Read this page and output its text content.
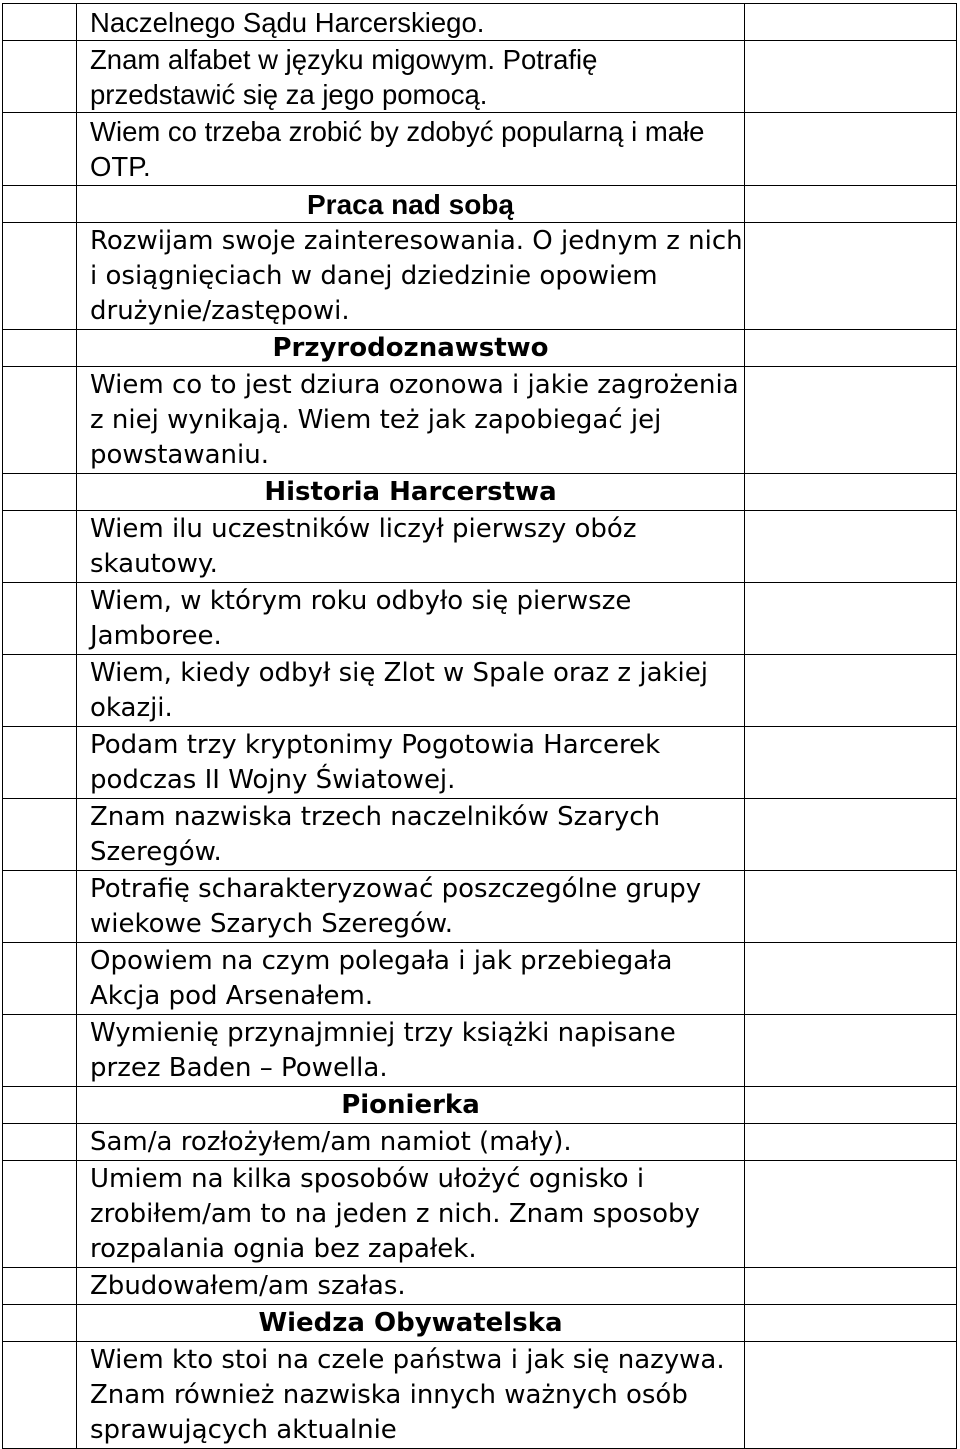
	Naczelnego Sądu Harcerskiego.	

	Znam alfabet w języku migowym. Potrafię przedstawić się za jego pomocą.	

	Wiem co trzeba zrobić by zdobyć popularną i małe OTP.	

	Praca nad sobą	

	Rozwijam swoje zainteresowania. O jednym z nich i osiągnięciach w danej dziedzinie opowiem drużynie/zastępowi.	

	Przyrodoznawstwo	

	Wiem co to jest dziura ozonowa i jakie zagrożenia z niej wynikają. Wiem też jak zapobiegać jej powstawaniu.	

	Historia Harcerstwa	

	Wiem ilu uczestników liczył pierwszy obóz skautowy.	

	Wiem, w którym roku odbyło się pierwsze Jamboree.	

	Wiem, kiedy odbył się Zlot w Spale oraz z jakiej okazji.	

	Podam trzy kryptonimy Pogotowia Harcerek podczas II Wojny Światowej.	

	Znam nazwiska trzech naczelników Szarych Szeregów.	

	Potrafię scharakteryzować poszczególne grupy wiekowe Szarych Szeregów.	

	Opowiem na czym polegała i jak przebiegała Akcja pod Arsenałem.	

	Wymienię przynajmniej trzy książki napisane przez Baden – Powella.	

	Pionierka	

	Sam/a rozłożyłem/am namiot (mały).	

	Umiem na kilka sposobów ułożyć ognisko i zrobiłem/am to na jeden z nich. Znam sposoby rozpalania ognia bez zapałek.	

	Zbudowałem/am szałas.	

	Wiedza Obywatelska	

	Wiem kto stoi na czele państwa i jak się nazywa. Znam również nazwiska innych ważnych osób sprawujących aktualnie	
